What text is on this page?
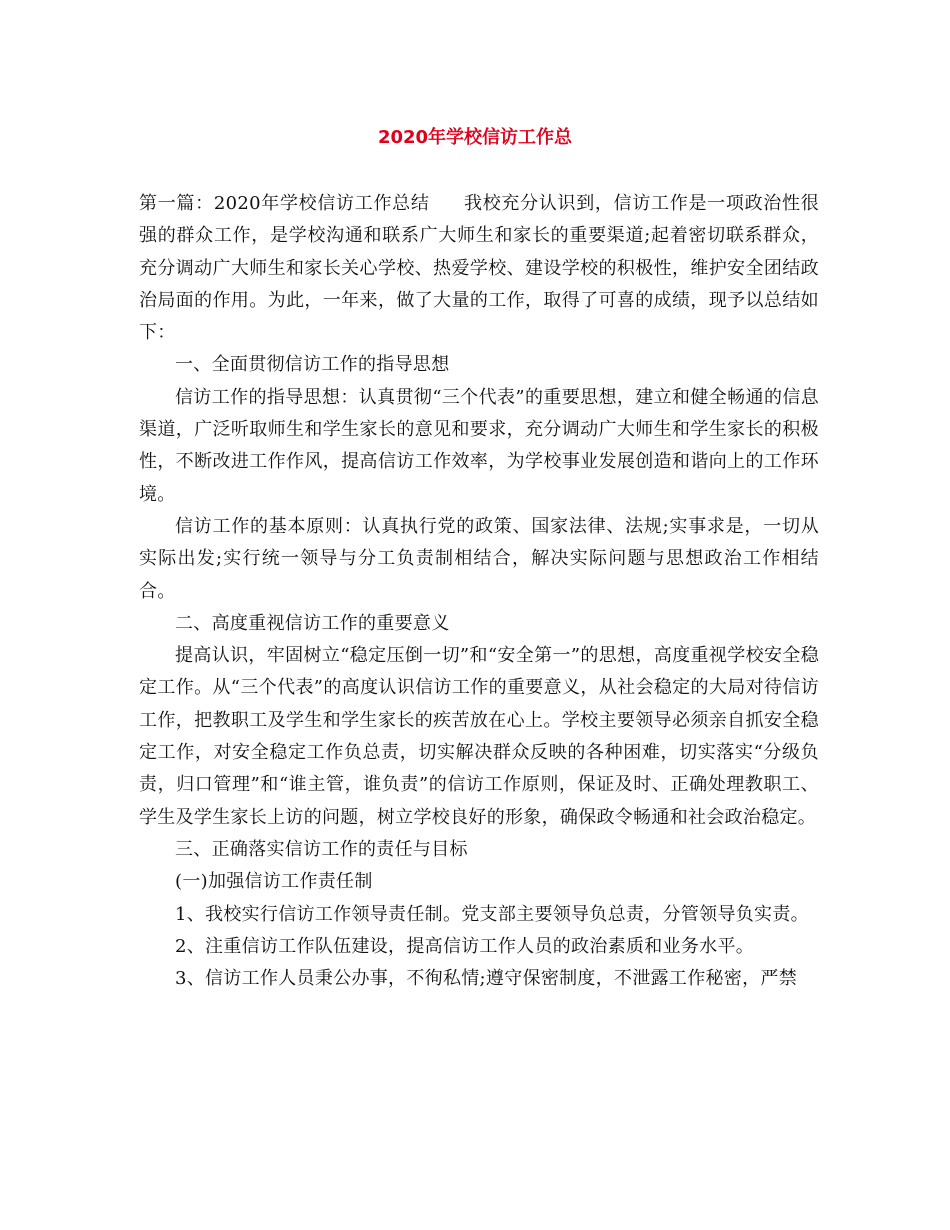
2020年学校信访工作总

第一篇：2020年学校信访工作总结 我校充分认识到，信访工作是一项政治性很强的群众工作，是学校沟通和联系广大师生和家长的重要渠道;起着密切联系群众，充分调动广大师生和家长关心学校、热爱学校、建设学校的积极性，维护安全团结政治局面的作用。为此，一年来，做了大量的工作，取得了可喜的成绩，现予以总结如下：

一、全面贯彻信访工作的指导思想

信访工作的指导思想：认真贯彻“三个代表”的重要思想，建立和健全畅通的信息渠道，广泛听取师生和学生家长的意见和要求，充分调动广大师生和学生家长的积极性，不断改进工作作风，提高信访工作效率，为学校事业发展创造和谐向上的工作环境。

信访工作的基本原则：认真执行党的政策、国家法律、法规;实事求是，一切从实际出发;实行统一领导与分工负责制相结合，解决实际问题与思想政治工作相结合。

二、高度重视信访工作的重要意义

提高认识，牢固树立“稳定压倒一切”和“安全第一”的思想，高度重视学校安全稳定工作。从“三个代表”的高度认识信访工作的重要意义，从社会稳定的大局对待信访工作，把教职工及学生和学生家长的疾苦放在心上。学校主要领导必须亲自抓安全稳定工作，对安全稳定工作负总责，切实解决群众反映的各种困难，切实落实“分级负责，归口管理”和“谁主管，谁负责”的信访工作原则，保证及时、正确处理教职工、学生及学生家长上访的问题，树立学校良好的形象，确保政令畅通和社会政治稳定。

三、正确落实信访工作的责任与目标

(一)加强信访工作责任制

1、我校实行信访工作领导责任制。党支部主要领导负总责，分管领导负实责。

2、注重信访工作队伍建设，提高信访工作人员的政治素质和业务水平。

3、信访工作人员秉公办事，不徇私情;遵守保密制度，不泄露工作秘密，严禁
